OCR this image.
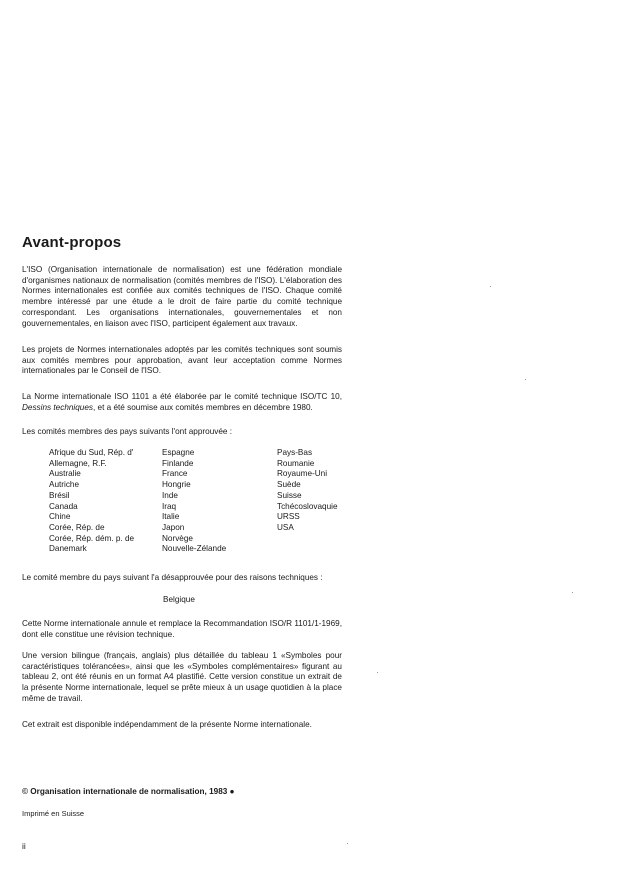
Avant-propos

L'ISO (Organisation internationale de normalisation) est une fédération mondiale d'organismes nationaux de normalisation (comités membres de l'ISO). L'élaboration des Normes internationales est confiée aux comités techniques de l'ISO. Chaque comité membre intéressé par une étude a le droit de faire partie du comité technique correspondant. Les organisations internationales, gouvernementales et non gouvernementales, en liaison avec l'ISO, participent également aux travaux.

Les projets de Normes internationales adoptés par les comités techniques sont soumis aux comités membres pour approbation, avant leur acceptation comme Normes internationales par le Conseil de l'ISO.

La Norme internationale ISO 1101 a été élaborée par le comité technique ISO/TC 10, Dessins techniques, et a été soumise aux comités membres en décembre 1980.

Les comités membres des pays suivants l'ont approuvée :

Afrique du Sud, Rép. d'
Allemagne, R.F.
Australie
Autriche
Brésil
Canada
Chine
Corée, Rép. de
Corée, Rép. dém. p. de
Danemark
Espagne
Finlande
France
Hongrie
Inde
Iraq
Italie
Japon
Norvège
Nouvelle-Zélande
Pays-Bas
Roumanie
Royaume-Uni
Suède
Suisse
Tchécoslovaquie
URSS
USA

Le comité membre du pays suivant l'a désapprouvée pour des raisons techniques :

Belgique

Cette Norme internationale annule et remplace la Recommandation ISO/R 1101/1-1969, dont elle constitue une révision technique.

Une version bilingue (français, anglais) plus détaillée du tableau 1 «Symboles pour caractéristiques tolérancées», ainsi que les «Symboles complémentaires» figurant au tableau 2, ont été réunis en un format A4 plastifié. Cette version constitue un extrait de la présente Norme internationale, lequel se prête mieux à un usage quotidien à la place même de travail.

Cet extrait est disponible indépendamment de la présente Norme internationale.

© Organisation internationale de normalisation, 1983 ●

Imprimé en Suisse

ii
